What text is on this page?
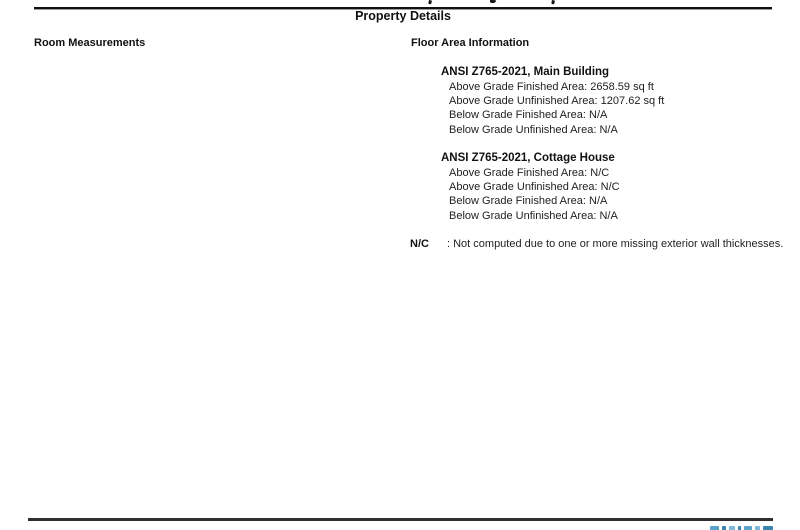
Property Details
Room Measurements	Floor Area Information
ANSI Z765-2021, Main Building
Above Grade Finished Area: 2658.59 sq ft
Above Grade Unfinished Area: 1207.62 sq ft
Below Grade Finished Area: N/A
Below Grade Unfinished Area: N/A
ANSI Z765-2021, Cottage House
Above Grade Finished Area: N/C
Above Grade Unfinished Area: N/C
Below Grade Finished Area: N/A
Below Grade Unfinished Area: N/A
N/C : Not computed due to one or more missing exterior wall thicknesses.
